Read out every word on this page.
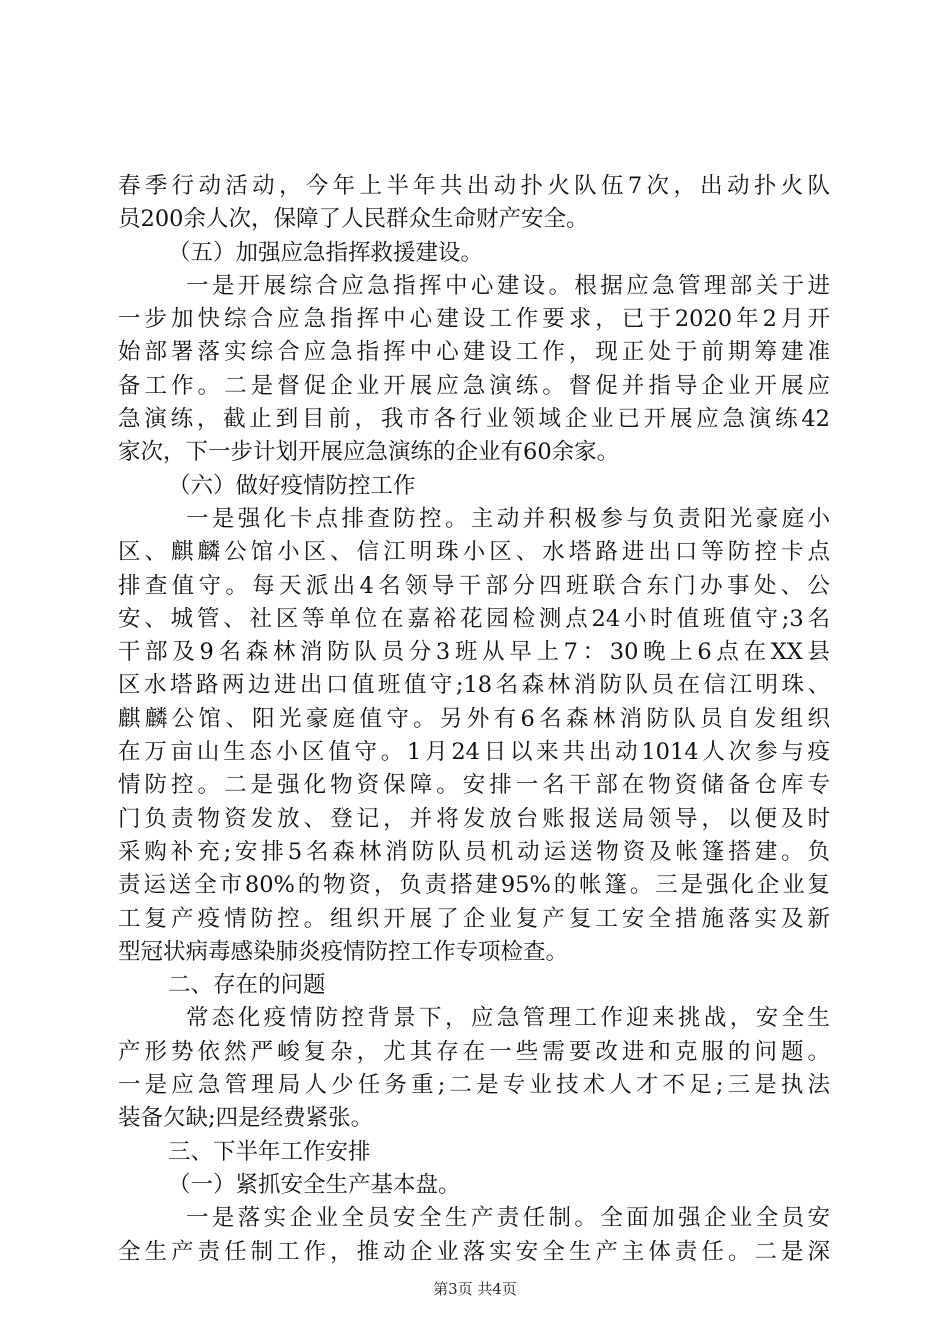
春季行动活动，今年上半年共出动扑火队伍7次，出动扑火队
员200余人次，保障了人民群众生命财产安全。
（五）加强应急指挥救援建设。
一是开展综合应急指挥中心建设。根据应急管理部关于进
一步加快综合应急指挥中心建设工作要求，已于2020年2月开
始部署落实综合应急指挥中心建设工作，现正处于前期筹建准
备工作。二是督促企业开展应急演练。督促并指导企业开展应
急演练，截止到目前，我市各行业领域企业已开展应急演练42
家次，下一步计划开展应急演练的企业有60余家。
（六）做好疫情防控工作
一是强化卡点排查防控。主动并积极参与负责阳光豪庭小
区、麒麟公馆小区、信江明珠小区、水塔路进出口等防控卡点
排查值守。每天派出4名领导干部分四班联合东门办事处、公
安、城管、社区等单位在嘉裕花园检测点24小时值班值守;3名
干部及9名森林消防队员分3班从早上7：30晚上6点在XX县
区水塔路两边进出口值班值守;18名森林消防队员在信江明珠、
麒麟公馆、阳光豪庭值守。另外有6名森林消防队员自发组织
在万亩山生态小区值守。1月24日以来共出动1014人次参与疫
情防控。二是强化物资保障。安排一名干部在物资储备仓库专
门负责物资发放、登记，并将发放台账报送局领导，以便及时
采购补充;安排5名森林消防队员机动运送物资及帐篷搭建。负
责运送全市80%的物资，负责搭建95%的帐篷。三是强化企业复
工复产疫情防控。组织开展了企业复产复工安全措施落实及新
型冠状病毒感染肺炎疫情防控工作专项检查。
二、存在的问题
常态化疫情防控背景下，应急管理工作迎来挑战，安全生
产形势依然严峻复杂，尤其存在一些需要改进和克服的问题。
一是应急管理局人少任务重;二是专业技术人才不足;三是执法
装备欠缺;四是经费紧张。
三、下半年工作安排
（一）紧抓安全生产基本盘。
一是落实企业全员安全生产责任制。全面加强企业全员安
全生产责任制工作，推动企业落实安全生产主体责任。二是深
第3页 共4页
